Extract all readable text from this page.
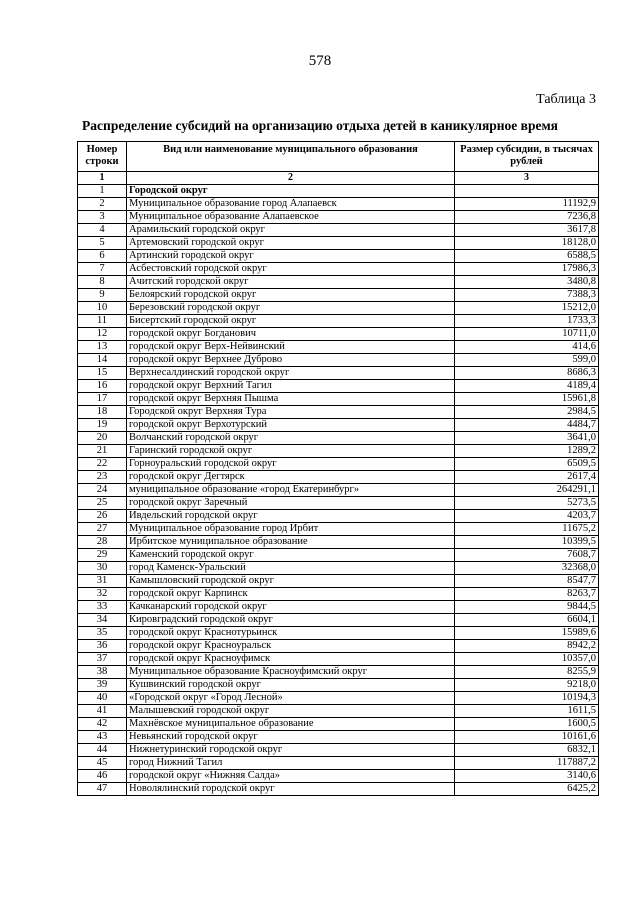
578
Таблица 3
Распределение субсидий на организацию отдыха детей в каникулярное время
Номер строки	Вид или наименование муниципального образования	Размер субсидии, в тысячах рублей
1	2	3
1	Городской округ	
2	Муниципальное образование город Алапаевск	11192,9
3	Муниципальное образование Алапаевское	7236,8
4	Арамильский городской округ	3617,8
5	Артемовский городской округ	18128,0
6	Артинский городской округ	6588,5
7	Асбестовский городской округ	17986,3
8	Ачитский городской округ	3480,8
9	Белоярский городской округ	7388,3
10	Березовский городской округ	15212,0
11	Бисертский городской округ	1733,3
12	городской округ Богданович	10711,0
13	городской округ Верх-Нейвинский	414,6
14	городской округ Верхнее Дуброво	599,0
15	Верхнесалдинский городской округ	8686,3
16	городской округ Верхний Тагил	4189,4
17	городской округ Верхняя Пышма	15961,8
18	Городской округ Верхняя Тура	2984,5
19	городской округ Верхотурский	4484,7
20	Волчанский городской округ	3641,0
21	Гаринский городской округ	1289,2
22	Горноуральский городской округ	6509,5
23	городской округ Дегтярск	2617,4
24	муниципальное образование «город Екатеринбург»	264291,1
25	городской округ Заречный	5273,5
26	Ивдельский городской округ	4203,7
27	Муниципальное образование город Ирбит	11675,2
28	Ирбитское муниципальное образование	10399,5
29	Каменский городской округ	7608,7
30	город Каменск-Уральский	32368,0
31	Камышловский городской округ	8547,7
32	городской округ Карпинск	8263,7
33	Качканарский городской округ	9844,5
34	Кировградский городской округ	6604,1
35	городской округ Краснотурьинск	15989,6
36	городской округ Красноуральск	8942,2
37	городской округ Красноуфимск	10357,0
38	Муниципальное образование Красноуфимский округ	8255,9
39	Кушвинский городской округ	9218,0
40	«Городской округ «Город Лесной»	10194,3
41	Малышевский городской округ	1611,5
42	Махнёвское муниципальное образование	1600,5
43	Невьянский городской округ	10161,6
44	Нижнетуринский городской округ	6832,1
45	город Нижний Тагил	117887,2
46	городской округ «Нижняя Салда»	3140,6
47	Новолялинский городской округ	6425,2
